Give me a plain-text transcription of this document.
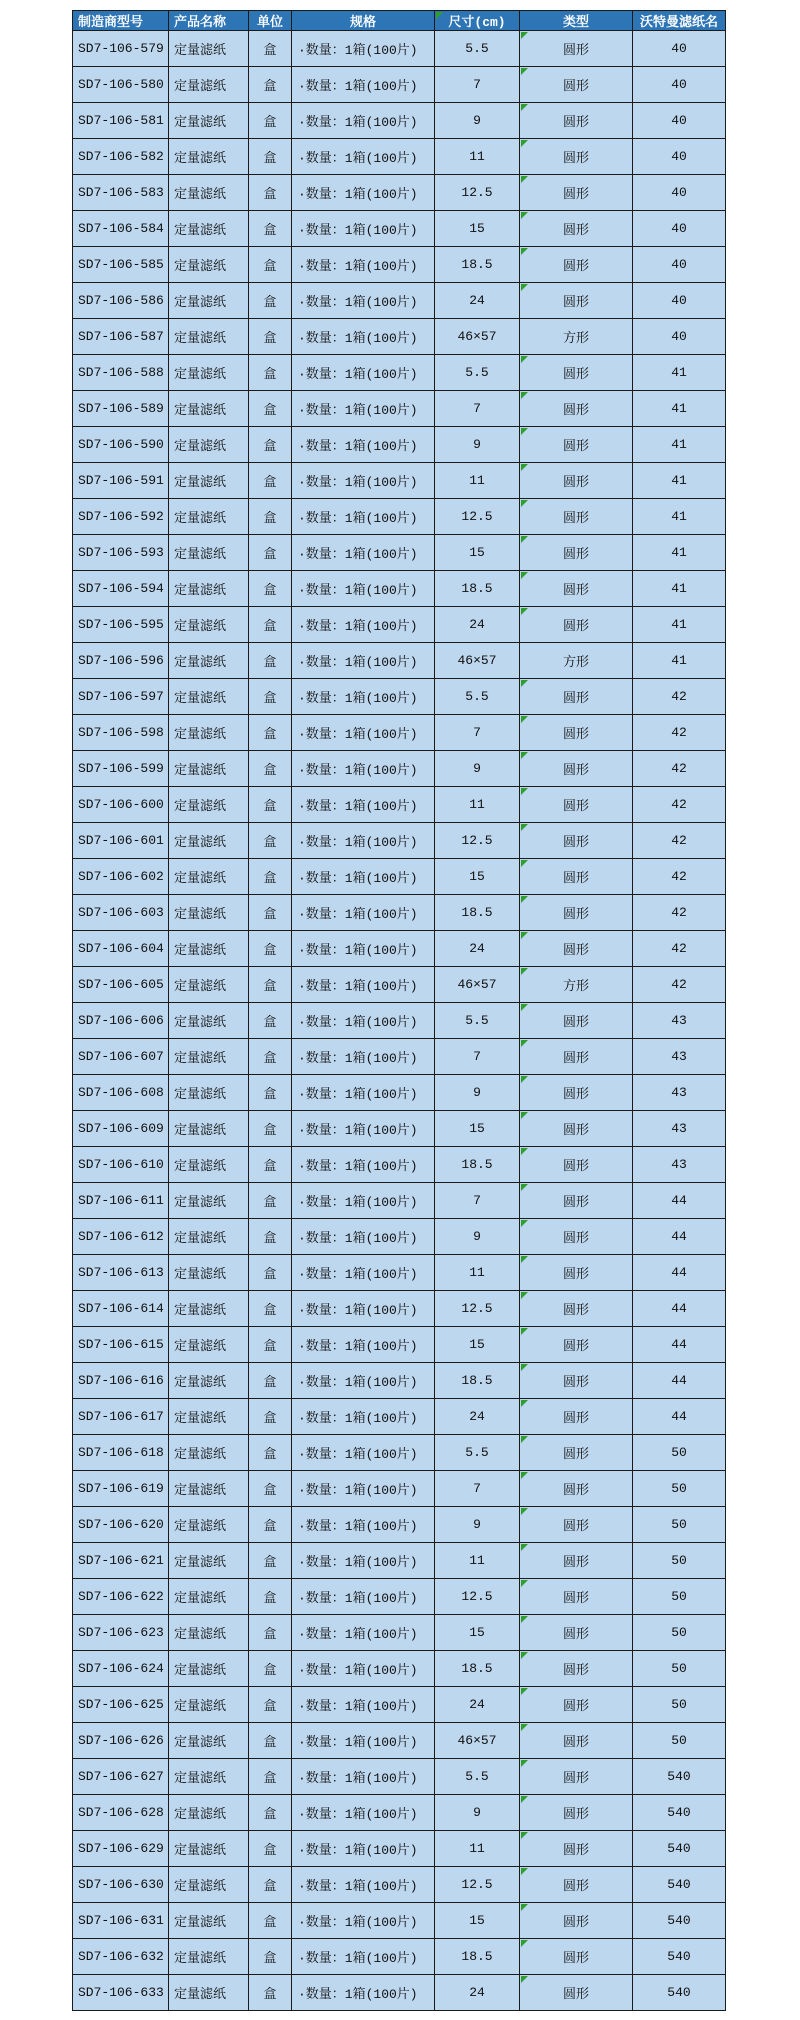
制造商型号	产品名称	单位	规格	尺寸(cm)	类型	沃特曼滤纸名
SD7-106-579	定量滤纸	盒	·数量：1箱(100片)	5.5	圆形	40
SD7-106-580	定量滤纸	盒	·数量：1箱(100片)	7	圆形	40
SD7-106-581	定量滤纸	盒	·数量：1箱(100片)	9	圆形	40
SD7-106-582	定量滤纸	盒	·数量：1箱(100片)	11	圆形	40
SD7-106-583	定量滤纸	盒	·数量：1箱(100片)	12.5	圆形	40
SD7-106-584	定量滤纸	盒	·数量：1箱(100片)	15	圆形	40
SD7-106-585	定量滤纸	盒	·数量：1箱(100片)	18.5	圆形	40
SD7-106-586	定量滤纸	盒	·数量：1箱(100片)	24	圆形	40
SD7-106-587	定量滤纸	盒	·数量：1箱(100片)	46×57	方形	40
SD7-106-588	定量滤纸	盒	·数量：1箱(100片)	5.5	圆形	41
SD7-106-589	定量滤纸	盒	·数量：1箱(100片)	7	圆形	41
SD7-106-590	定量滤纸	盒	·数量：1箱(100片)	9	圆形	41
SD7-106-591	定量滤纸	盒	·数量：1箱(100片)	11	圆形	41
SD7-106-592	定量滤纸	盒	·数量：1箱(100片)	12.5	圆形	41
SD7-106-593	定量滤纸	盒	·数量：1箱(100片)	15	圆形	41
SD7-106-594	定量滤纸	盒	·数量：1箱(100片)	18.5	圆形	41
SD7-106-595	定量滤纸	盒	·数量：1箱(100片)	24	圆形	41
SD7-106-596	定量滤纸	盒	·数量：1箱(100片)	46×57	方形	41
SD7-106-597	定量滤纸	盒	·数量：1箱(100片)	5.5	圆形	42
SD7-106-598	定量滤纸	盒	·数量：1箱(100片)	7	圆形	42
SD7-106-599	定量滤纸	盒	·数量：1箱(100片)	9	圆形	42
SD7-106-600	定量滤纸	盒	·数量：1箱(100片)	11	圆形	42
SD7-106-601	定量滤纸	盒	·数量：1箱(100片)	12.5	圆形	42
SD7-106-602	定量滤纸	盒	·数量：1箱(100片)	15	圆形	42
SD7-106-603	定量滤纸	盒	·数量：1箱(100片)	18.5	圆形	42
SD7-106-604	定量滤纸	盒	·数量：1箱(100片)	24	圆形	42
SD7-106-605	定量滤纸	盒	·数量：1箱(100片)	46×57	方形	42
SD7-106-606	定量滤纸	盒	·数量：1箱(100片)	5.5	圆形	43
SD7-106-607	定量滤纸	盒	·数量：1箱(100片)	7	圆形	43
SD7-106-608	定量滤纸	盒	·数量：1箱(100片)	9	圆形	43
SD7-106-609	定量滤纸	盒	·数量：1箱(100片)	15	圆形	43
SD7-106-610	定量滤纸	盒	·数量：1箱(100片)	18.5	圆形	43
SD7-106-611	定量滤纸	盒	·数量：1箱(100片)	7	圆形	44
SD7-106-612	定量滤纸	盒	·数量：1箱(100片)	9	圆形	44
SD7-106-613	定量滤纸	盒	·数量：1箱(100片)	11	圆形	44
SD7-106-614	定量滤纸	盒	·数量：1箱(100片)	12.5	圆形	44
SD7-106-615	定量滤纸	盒	·数量：1箱(100片)	15	圆形	44
SD7-106-616	定量滤纸	盒	·数量：1箱(100片)	18.5	圆形	44
SD7-106-617	定量滤纸	盒	·数量：1箱(100片)	24	圆形	44
SD7-106-618	定量滤纸	盒	·数量：1箱(100片)	5.5	圆形	50
SD7-106-619	定量滤纸	盒	·数量：1箱(100片)	7	圆形	50
SD7-106-620	定量滤纸	盒	·数量：1箱(100片)	9	圆形	50
SD7-106-621	定量滤纸	盒	·数量：1箱(100片)	11	圆形	50
SD7-106-622	定量滤纸	盒	·数量：1箱(100片)	12.5	圆形	50
SD7-106-623	定量滤纸	盒	·数量：1箱(100片)	15	圆形	50
SD7-106-624	定量滤纸	盒	·数量：1箱(100片)	18.5	圆形	50
SD7-106-625	定量滤纸	盒	·数量：1箱(100片)	24	圆形	50
SD7-106-626	定量滤纸	盒	·数量：1箱(100片)	46×57	圆形	50
SD7-106-627	定量滤纸	盒	·数量：1箱(100片)	5.5	圆形	540
SD7-106-628	定量滤纸	盒	·数量：1箱(100片)	9	圆形	540
SD7-106-629	定量滤纸	盒	·数量：1箱(100片)	11	圆形	540
SD7-106-630	定量滤纸	盒	·数量：1箱(100片)	12.5	圆形	540
SD7-106-631	定量滤纸	盒	·数量：1箱(100片)	15	圆形	540
SD7-106-632	定量滤纸	盒	·数量：1箱(100片)	18.5	圆形	540
SD7-106-633	定量滤纸	盒	·数量：1箱(100片)	24	圆形	540
